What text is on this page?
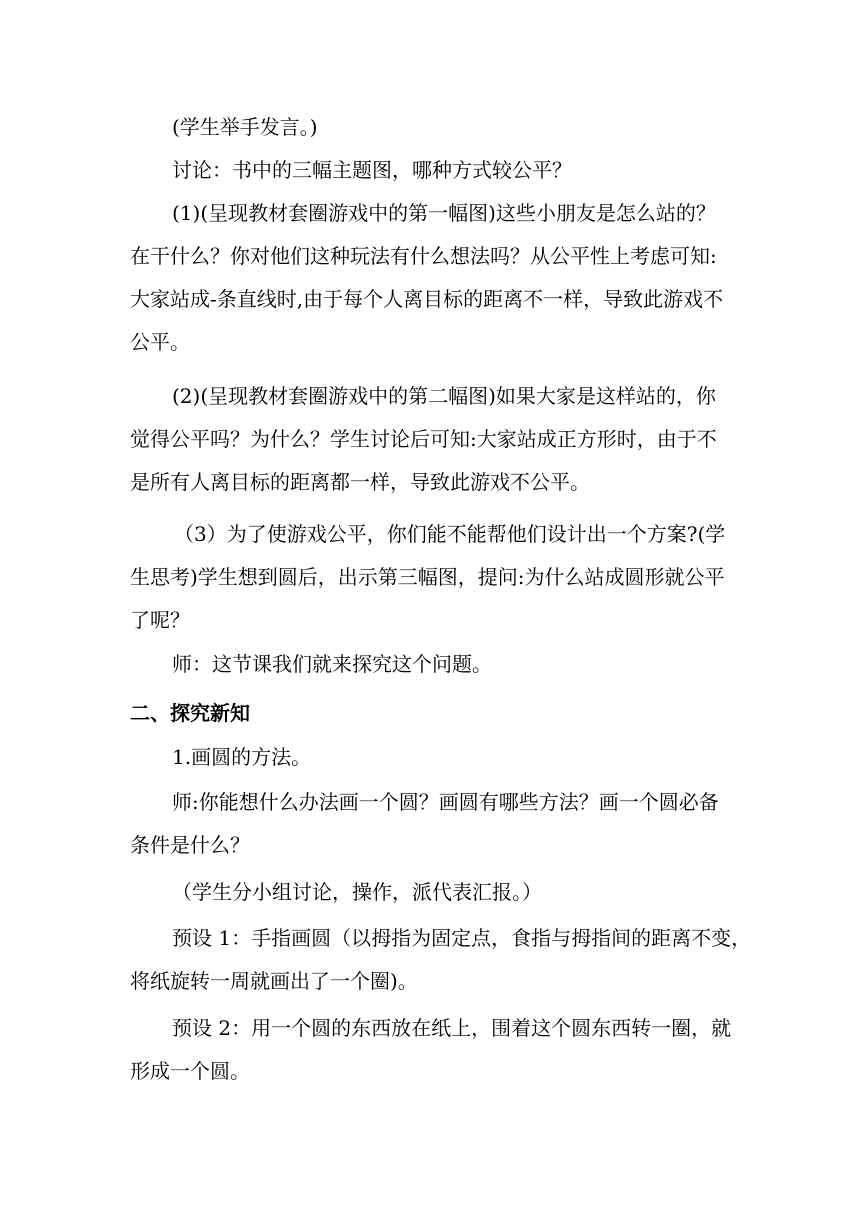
(学生举手发言。)

讨论：书中的三幅主题图，哪种方式较公平？

(1)(呈现教材套圈游戏中的第一幅图)这些小朋友是怎么站的？
在干什么？你对他们这种玩法有什么想法吗？从公平性上考虑可知:
大家站成-条直线时,由于每个人离目标的距离不一样，导致此游戏不
公平。

(2)(呈现教材套圈游戏中的第二幅图)如果大家是这样站的，你
觉得公平吗？为什么？学生讨论后可知:大家站成正方形时，由于不
是所有人离目标的距离都一样，导致此游戏不公平。

（3）为了使游戏公平，你们能不能帮他们设计出一个方案?(学
生思考)学生想到圆后，出示第三幅图，提问:为什么站成圆形就公平
了呢？

师：这节课我们就来探究这个问题。

二、探究新知

1.画圆的方法。

师:你能想什么办法画一个圆？画圆有哪些方法？画一个圆必备
条件是什么？

（学生分小组讨论，操作，派代表汇报。）

预设 1：手指画圆（以拇指为固定点，食指与拇指间的距离不变，
将纸旋转一周就画出了一个圈)。

预设 2：用一个圆的东西放在纸上，围着这个圆东西转一圈，就
形成一个圆。
